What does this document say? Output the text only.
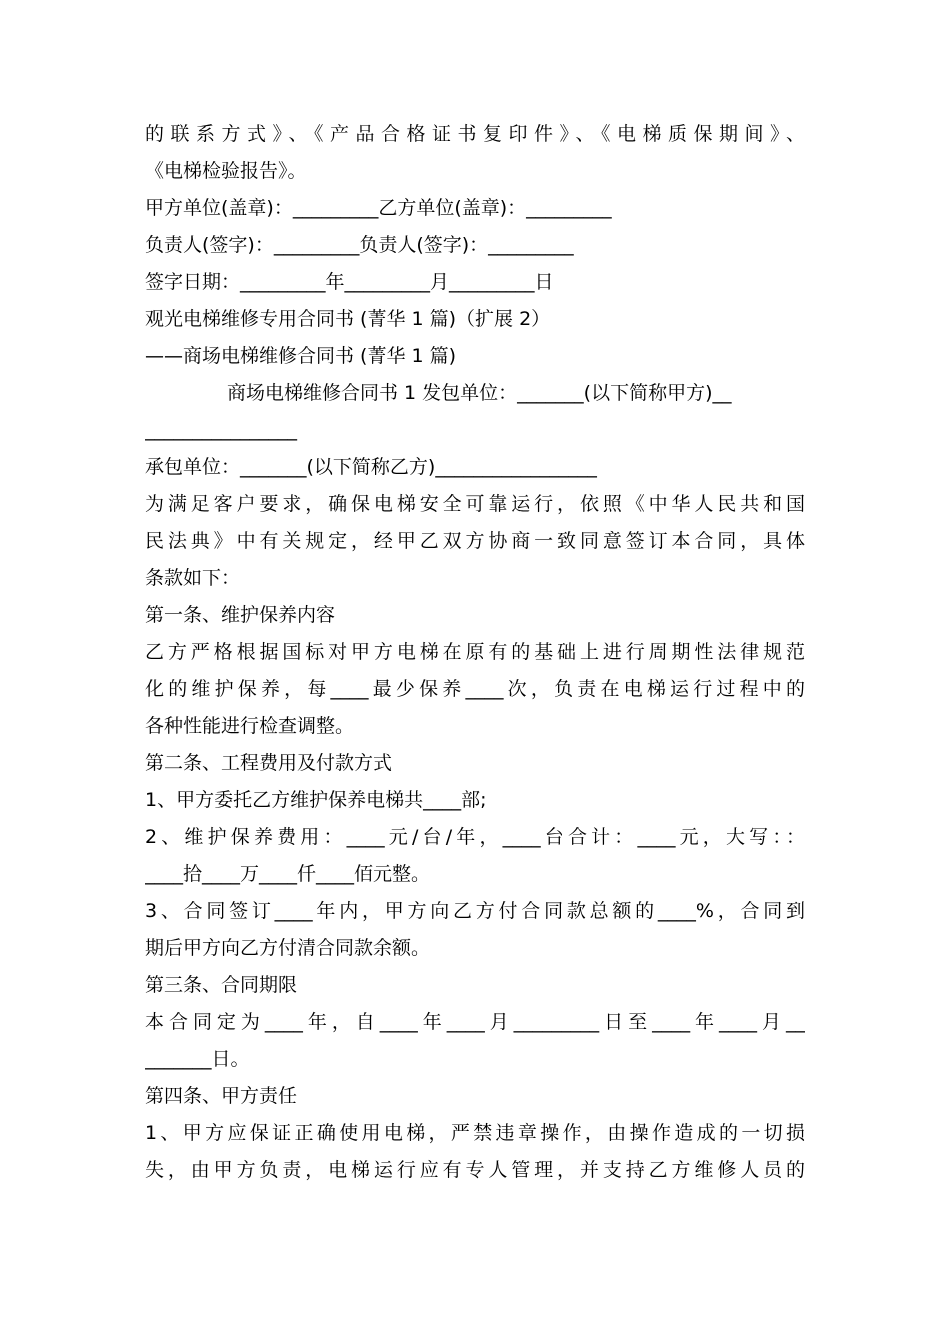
的联系方式》、《产品合格证书复印件》、《电梯质保期间》、
《电梯检验报告》。
甲方单位(盖章)：_________乙方单位(盖章)：_________
负责人(签字)：_________负责人(签字)：_________
签字日期：_________年_________月_________日
观光电梯维修专用合同书 (菁华 1 篇)（扩展 2）
——商场电梯维修合同书 (菁华 1 篇)
商场电梯维修合同书 1 发包单位：_______(以下简称甲方)__
________________
承包单位：_______(以下简称乙方)_________________
为满足客户要求，确保电梯安全可靠运行，依照《中华人民共和国
民法典》中有关规定，经甲乙双方协商一致同意签订本合同，具体
条款如下：
第一条、维护保养内容
乙方严格根据国标对甲方电梯在原有的基础上进行周期性法律规范
化的维护保养，每____最少保养____次，负责在电梯运行过程中的
各种性能进行检查调整。
第二条、工程费用及付款方式
1、甲方委托乙方维护保养电梯共____部;
2、维护保养费用：____元/台/年，____台合计：____元，大写：：
____拾____万____仟____佰元整。
3、合同签订____年内，甲方向乙方付合同款总额的____%，合同到
期后甲方向乙方付清合同款余额。
第三条、合同期限
本合同定为____年，自____年____月_________日至____年____月__
_______日。
第四条、甲方责任
1、甲方应保证正确使用电梯，严禁违章操作，由操作造成的一切损
失，由甲方负责，电梯运行应有专人管理，并支持乙方维修人员的
